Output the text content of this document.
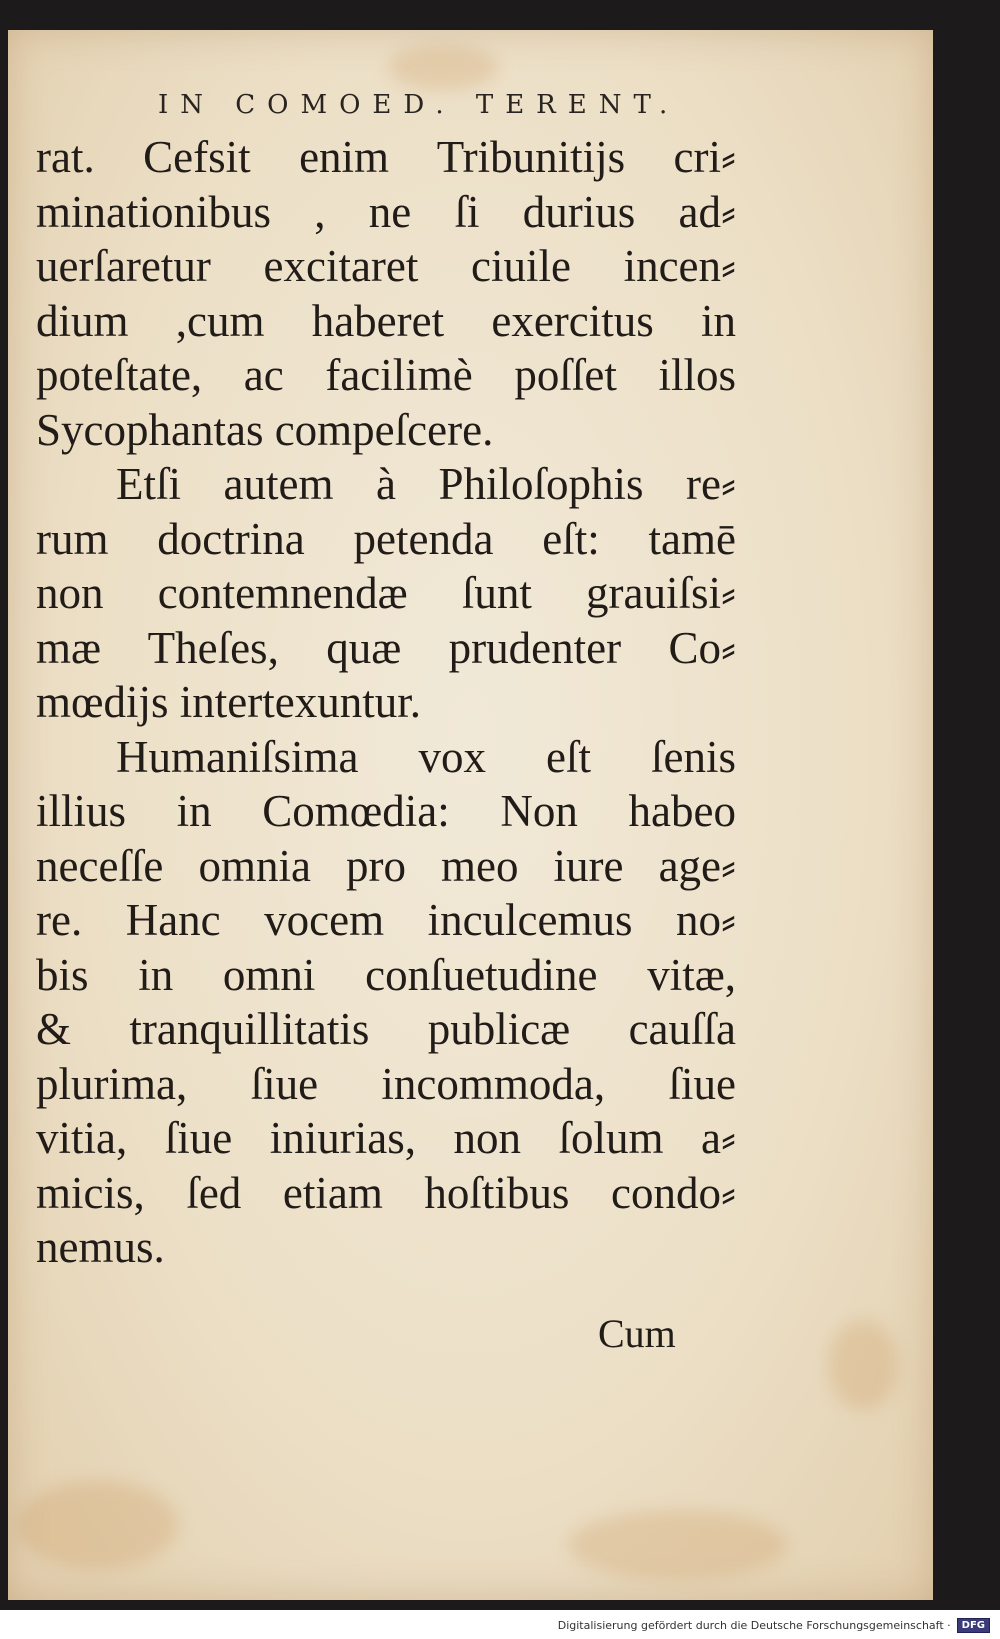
IN COMOED. TERENT.
rat. Cefsit enim Tribunitijs cri⸗
minationibus , ne ſi durius ad⸗
uerſaretur excitaret ciuile incen⸗
dium ,cum haberet exercitus in
poteſtate, ac facilimè poſſet illos
Sycophantas compeſcere.
Etſi autem à Philoſophis re⸗
rum doctrina petenda eſt: tamē
non contemnendæ ſunt grauiſsi⸗
mæ Theſes, quæ prudenter Co⸗
mœdijs intertexuntur.
Humaniſsima vox eſt ſenis
illius in Comœdia: Non habeo
neceſſe omnia pro meo iure age⸗
re. Hanc vocem inculcemus no⸗
bis in omni conſuetudine vitæ,
& tranquillitatis publicæ cauſſa
plurima, ſiue incommoda, ſiue
vitia, ſiue iniurias, non ſolum a⸗
micis, ſed etiam hoſtibus condo⸗
nemus.
Cum
Digitalisierung gefördert durch die Deutsche Forschungsgemeinschaft ·	DFG
